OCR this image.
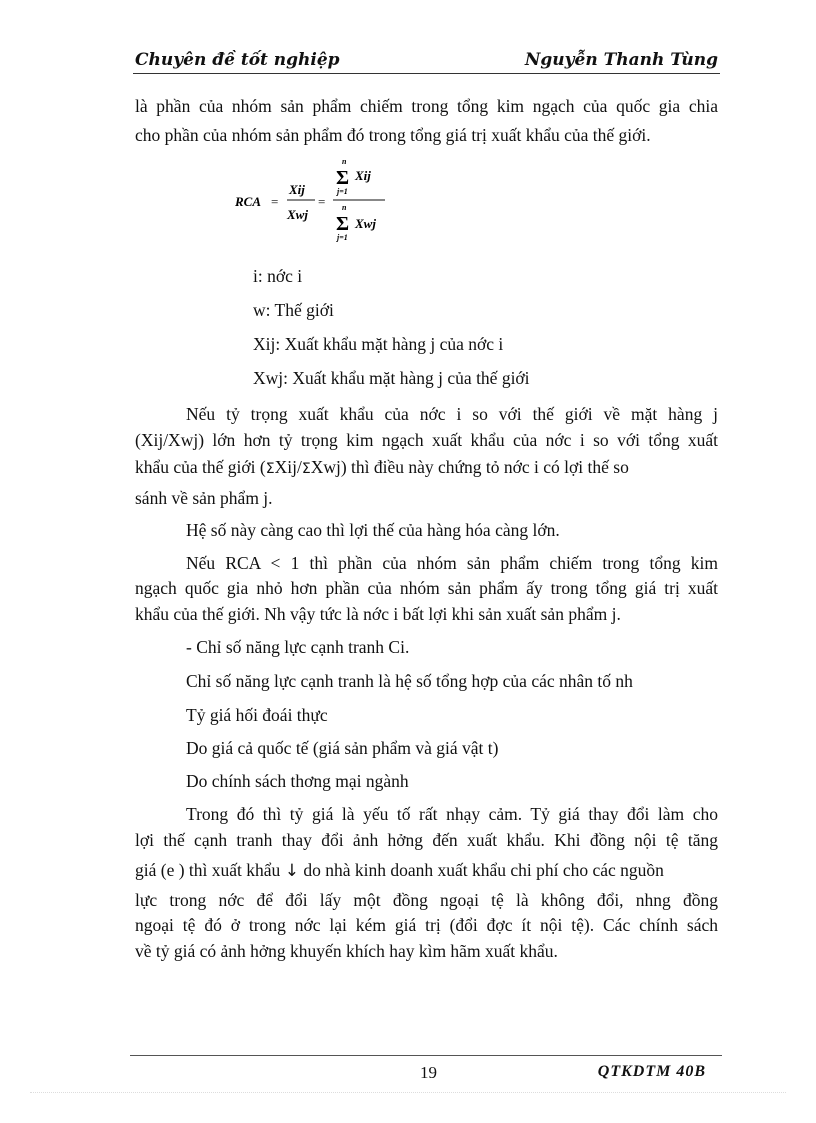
Chuyên đề tốt nghiệp	Nguyễn Thanh Tùng
là phần của nhóm sản phẩm chiếm trong tổng kim ngạch của quốc gia chia
cho phần của nhóm sản phẩm đó trong tổng giá trị xuất khẩu của thế giới.
RCA =
Xij
Xwj
=
n
Σ
j=1
Xij
n
Σ
j=1
Xwj
i: nớc i
w: Thế giới
Xij: Xuất khẩu mặt hàng j của nớc i
Xwj: Xuất khẩu mặt hàng j của thế giới
Nếu tỷ trọng xuất khẩu của nớc i so với thế giới về mặt hàng j
(Xij/Xwj) lớn hơn tỷ trọng kim ngạch xuất khẩu của nớc i so với tổng xuất
khẩu của thế giới (ΣXij/ΣXwj) thì điều này chứng tỏ nớc i có lợi thế so
sánh về sản phẩm j.
Hệ số này càng cao thì lợi thế của hàng hóa càng lớn.
Nếu RCA < 1 thì phần của nhóm sản phẩm chiếm trong tổng kim
ngạch quốc gia nhỏ hơn phần của nhóm sản phẩm ấy trong tổng giá trị xuất
khẩu của thế giới. Nh vậy tức là nớc i bất lợi khi sản xuất sản phẩm j.
- Chỉ số năng lực cạnh tranh Ci.
Chỉ số năng lực cạnh tranh là hệ số tổng hợp của các nhân tố nh
Tỷ giá hối đoái thực
Do giá cả quốc tế (giá sản phẩm và giá vật t)
Do chính sách thơng mại ngành
Trong đó thì tỷ giá là yếu tố rất nhạy cảm. Tỷ giá thay đổi làm cho
lợi thế cạnh tranh thay đổi ảnh hởng đến xuất khẩu. Khi đồng nội tệ tăng
giá (e ) thì xuất khẩu ↓ do nhà kinh doanh xuất khẩu chi phí cho các nguồn
lực trong nớc để đổi lấy một đồng ngoại tệ là không đổi, nhng đồng
ngoại tệ đó ở trong nớc lại kém giá trị (đổi đợc ít nội tệ). Các chính sách
về tỷ giá có ảnh hởng khuyến khích hay kìm hãm xuất khẩu.
19	QTKDTM 40B
